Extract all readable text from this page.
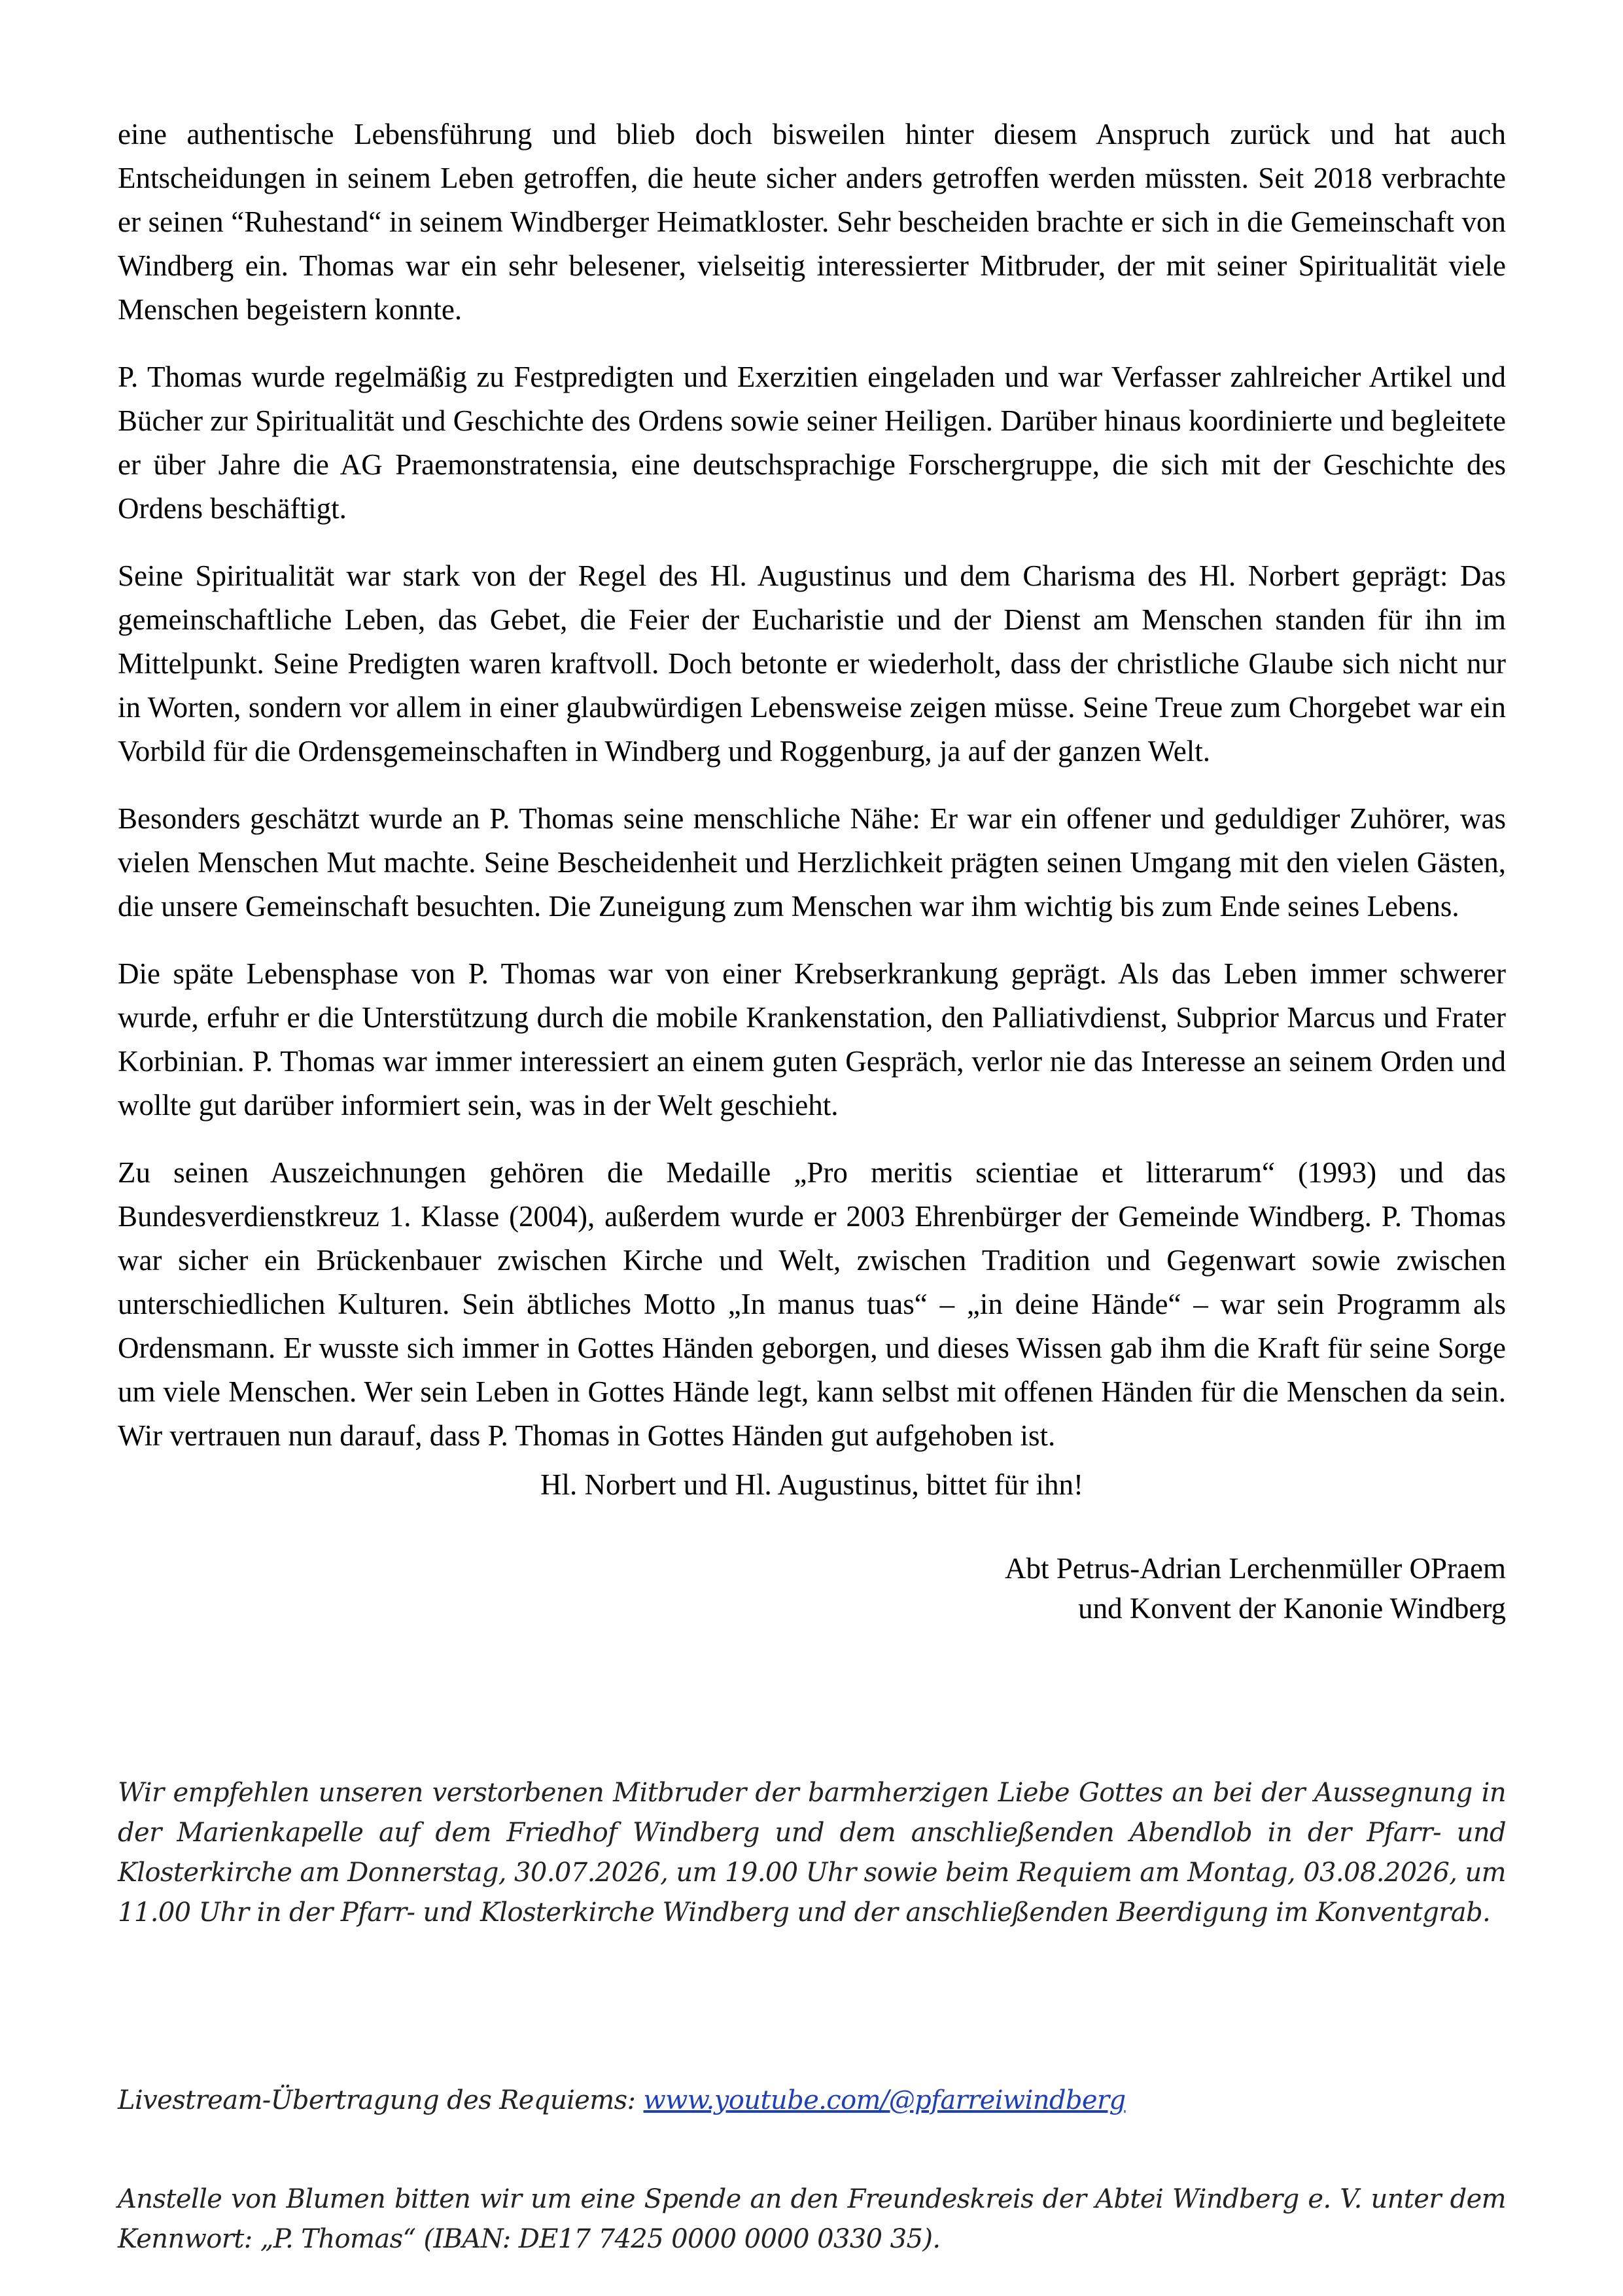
eine authentische Lebensführung und blieb doch bisweilen hinter diesem Anspruch zurück und hat auch Entscheidungen in seinem Leben getroffen, die heute sicher anders getroffen werden müssten. Seit 2018 verbrachte er seinen “Ruhestand“ in seinem Windberger Heimatkloster. Sehr bescheiden brachte er sich in die Gemeinschaft von Windberg ein. Thomas war ein sehr belesener, vielseitig interessierter Mitbruder, der mit seiner Spiritualität viele Menschen begeistern konnte.

P. Thomas wurde regelmäßig zu Festpredigten und Exerzitien eingeladen und war Verfasser zahlreicher Artikel und Bücher zur Spiritualität und Geschichte des Ordens sowie seiner Heiligen. Darüber hinaus koordinierte und begleitete er über Jahre die AG Praemonstratensia, eine deutschsprachige Forschergruppe, die sich mit der Geschichte des Ordens beschäftigt.

Seine Spiritualität war stark von der Regel des Hl. Augustinus und dem Charisma des Hl. Norbert geprägt: Das gemeinschaftliche Leben, das Gebet, die Feier der Eucharistie und der Dienst am Menschen standen für ihn im Mittelpunkt. Seine Predigten waren kraftvoll. Doch betonte er wiederholt, dass der christliche Glaube sich nicht nur in Worten, sondern vor allem in einer glaubwürdigen Lebensweise zeigen müsse. Seine Treue zum Chorgebet war ein Vorbild für die Ordensgemeinschaften in Windberg und Roggenburg, ja auf der ganzen Welt.

Besonders geschätzt wurde an P. Thomas seine menschliche Nähe: Er war ein offener und geduldiger Zuhörer, was vielen Menschen Mut machte. Seine Bescheidenheit und Herzlichkeit prägten seinen Umgang mit den vielen Gästen, die unsere Gemeinschaft besuchten. Die Zuneigung zum Menschen war ihm wichtig bis zum Ende seines Lebens.

Die späte Lebensphase von P. Thomas war von einer Krebserkrankung geprägt. Als das Leben immer schwerer wurde, erfuhr er die Unterstützung durch die mobile Krankenstation, den Palliativdienst, Subprior Marcus und Frater Korbinian. P. Thomas war immer interessiert an einem guten Gespräch, verlor nie das Interesse an seinem Orden und wollte gut darüber informiert sein, was in der Welt geschieht.

Zu seinen Auszeichnungen gehören die Medaille „Pro meritis scientiae et litterarum“ (1993) und das Bundesverdienstkreuz 1. Klasse (2004), außerdem wurde er 2003 Ehrenbürger der Gemeinde Windberg. P. Thomas war sicher ein Brückenbauer zwischen Kirche und Welt, zwischen Tradition und Gegenwart sowie zwischen unterschiedlichen Kulturen. Sein äbtliches Motto „In manus tuas“ – „in deine Hände“ – war sein Programm als Ordensmann. Er wusste sich immer in Gottes Händen geborgen, und dieses Wissen gab ihm die Kraft für seine Sorge um viele Menschen. Wer sein Leben in Gottes Hände legt, kann selbst mit offenen Händen für die Menschen da sein. Wir vertrauen nun darauf, dass P. Thomas in Gottes Händen gut aufgehoben ist.

Hl. Norbert und Hl. Augustinus, bittet für ihn!

Abt Petrus-Adrian Lerchenmüller OPraem
und Konvent der Kanonie Windberg

Wir empfehlen unseren verstorbenen Mitbruder der barmherzigen Liebe Gottes an bei der Aussegnung in der Marienkapelle auf dem Friedhof Windberg und dem anschließenden Abendlob in der Pfarr- und Klosterkirche am Donnerstag, 30.07.2026, um 19.00 Uhr sowie beim Requiem am Montag, 03.08.2026, um 11.00 Uhr in der Pfarr- und Klosterkirche Windberg und der anschließenden Beerdigung im Konventgrab.

Livestream-Übertragung des Requiems: www.youtube.com/@pfarreiwindberg

Anstelle von Blumen bitten wir um eine Spende an den Freundeskreis der Abtei Windberg e. V. unter dem Kennwort: „P. Thomas“ (IBAN: DE17 7425 0000 0000 0330 35).
